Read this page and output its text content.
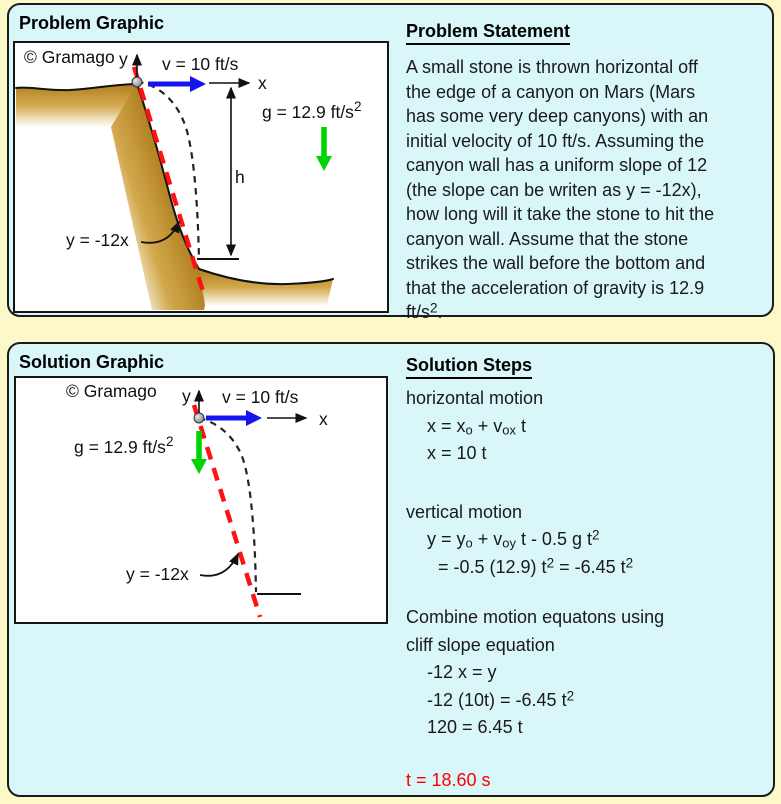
Problem Graphic
h
y
x
v = 10 ft/s
g = 12.9 $ft/s^2$
y = -12x
© Gramago
Problem Statement
A small stone is thrown horizontal off
the edge of a canyon on Mars (Mars
has some very deep canyons) with an
initial velocity of 10 ft/s. Assuming the
canyon wall has a uniform slope of 12
(the slope can be writen as y = -12x),
how long will it take the stone to hit the
canyon wall. Assume that the stone
strikes the wall before the bottom and
that the acceleration of gravity is 12.9
$ft/s^2$.
Solution Graphic
y
x
v = 10 ft/s
g = 12.9 $ft/s^2$
y = -12x
© Gramago
Solution Steps
horizontal motion
$x = x_o + v_{ox}$ t
x = 10 t
vertical motion
$y = y_o + v_{oy}$ t - 0.5 g $t^2$
= -0.5 (12.9) $t^2 = -6.45$ $t^2$
Combine motion equatons using
cliff slope equation
-12 x = y
-12 (10t) = -6.45 $t^2$
120 = 6.45 t
t = 18.60 s
